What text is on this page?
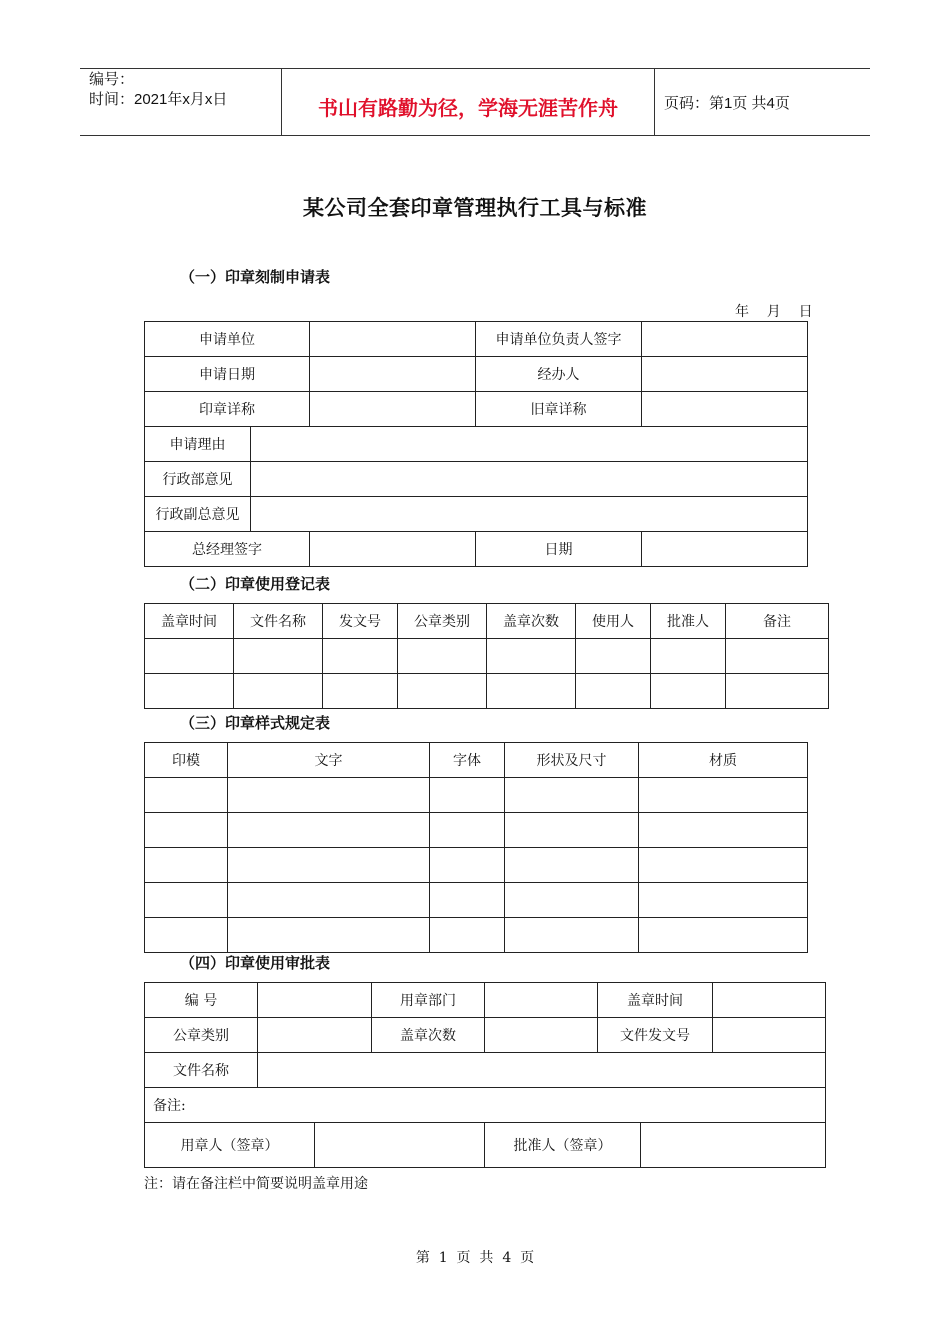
编号：
时间：2021年x月x日	书山有路勤为径，学海无涯苦作舟	页码：第1页 共4页
某公司全套印章管理执行工具与标准
（一）印章刻制申请表
年    月    日
申请单位			申请单位负责人签字	
申请日期			经办人	
印章详称			旧章详称	
申请理由				
行政部意见				
行政副总意见				
总经理签字			日期	
（二）印章使用登记表
盖章时间	文件名称	发文号	公章类别	盖章次数	使用人	批准人	备注

（三）印章样式规定表
印模	文字	字体	形状及尺寸	材质

（四）印章使用审批表
编 号			用章部门		盖章时间		
公章类别			盖章次数		文件发文号		
文件名称							
备注:							
用章人（签章）				批准人（签章）			
注：请在备注栏中简要说明盖章用途
第  1  页  共  4  页
